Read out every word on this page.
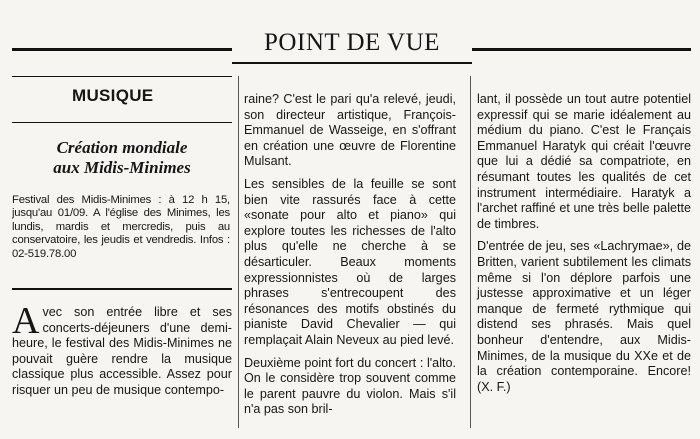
POINT DE VUE
MUSIQUE
Création mondiale
aux Midis-Minimes
Festival des Midis-Minimes : à 12 h 15, jusqu'au 01/09. A l'église des Minimes, les lundis, mardis et mercredis, puis au conservatoire, les jeudis et vendredis. Infos : 02-519.78.00

Avec son entrée libre et ses concerts-déjeuners d'une demi-heure, le festival des Midis-Minimes ne pouvait guère rendre la musique classique plus accessible. Assez pour risquer un peu de musique contempo-

raine? C'est le pari qu'a relevé, jeudi, son directeur artistique, François-Emmanuel de Wasseige, en s'offrant en création une œuvre de Florentine Mulsant.

Les sensibles de la feuille se sont bien vite rassurés face à cette «sonate pour alto et piano» qui explore toutes les richesses de l'alto plus qu'elle ne cherche à se désarticuler. Beaux moments expressionnistes où de larges phrases s'entrecoupent des résonances des motifs obstinés du pianiste David Chevalier — qui remplaçait Alain Neveux au pied levé.

Deuxième point fort du concert : l'alto. On le considère trop souvent comme le parent pauvre du violon. Mais s'il n'a pas son bril-

lant, il possède un tout autre potentiel expressif qui se marie idéalement au médium du piano. C'est le Français Emmanuel Haratyk qui créait l'œuvre que lui a dédié sa compatriote, en résumant toutes les qualités de cet instrument intermédiaire. Haratyk a l'archet raffiné et une très belle palette de timbres.

D'entrée de jeu, ses «Lachrymae», de Britten, varient subtilement les climats même si l'on déplore parfois une justesse approximative et un léger manque de fermeté rythmique qui distend ses phrasés. Mais quel bonheur d'entendre, aux Midis-Minimes, de la musique du XXe et de la création contemporaine. Encore! (X. F.)
